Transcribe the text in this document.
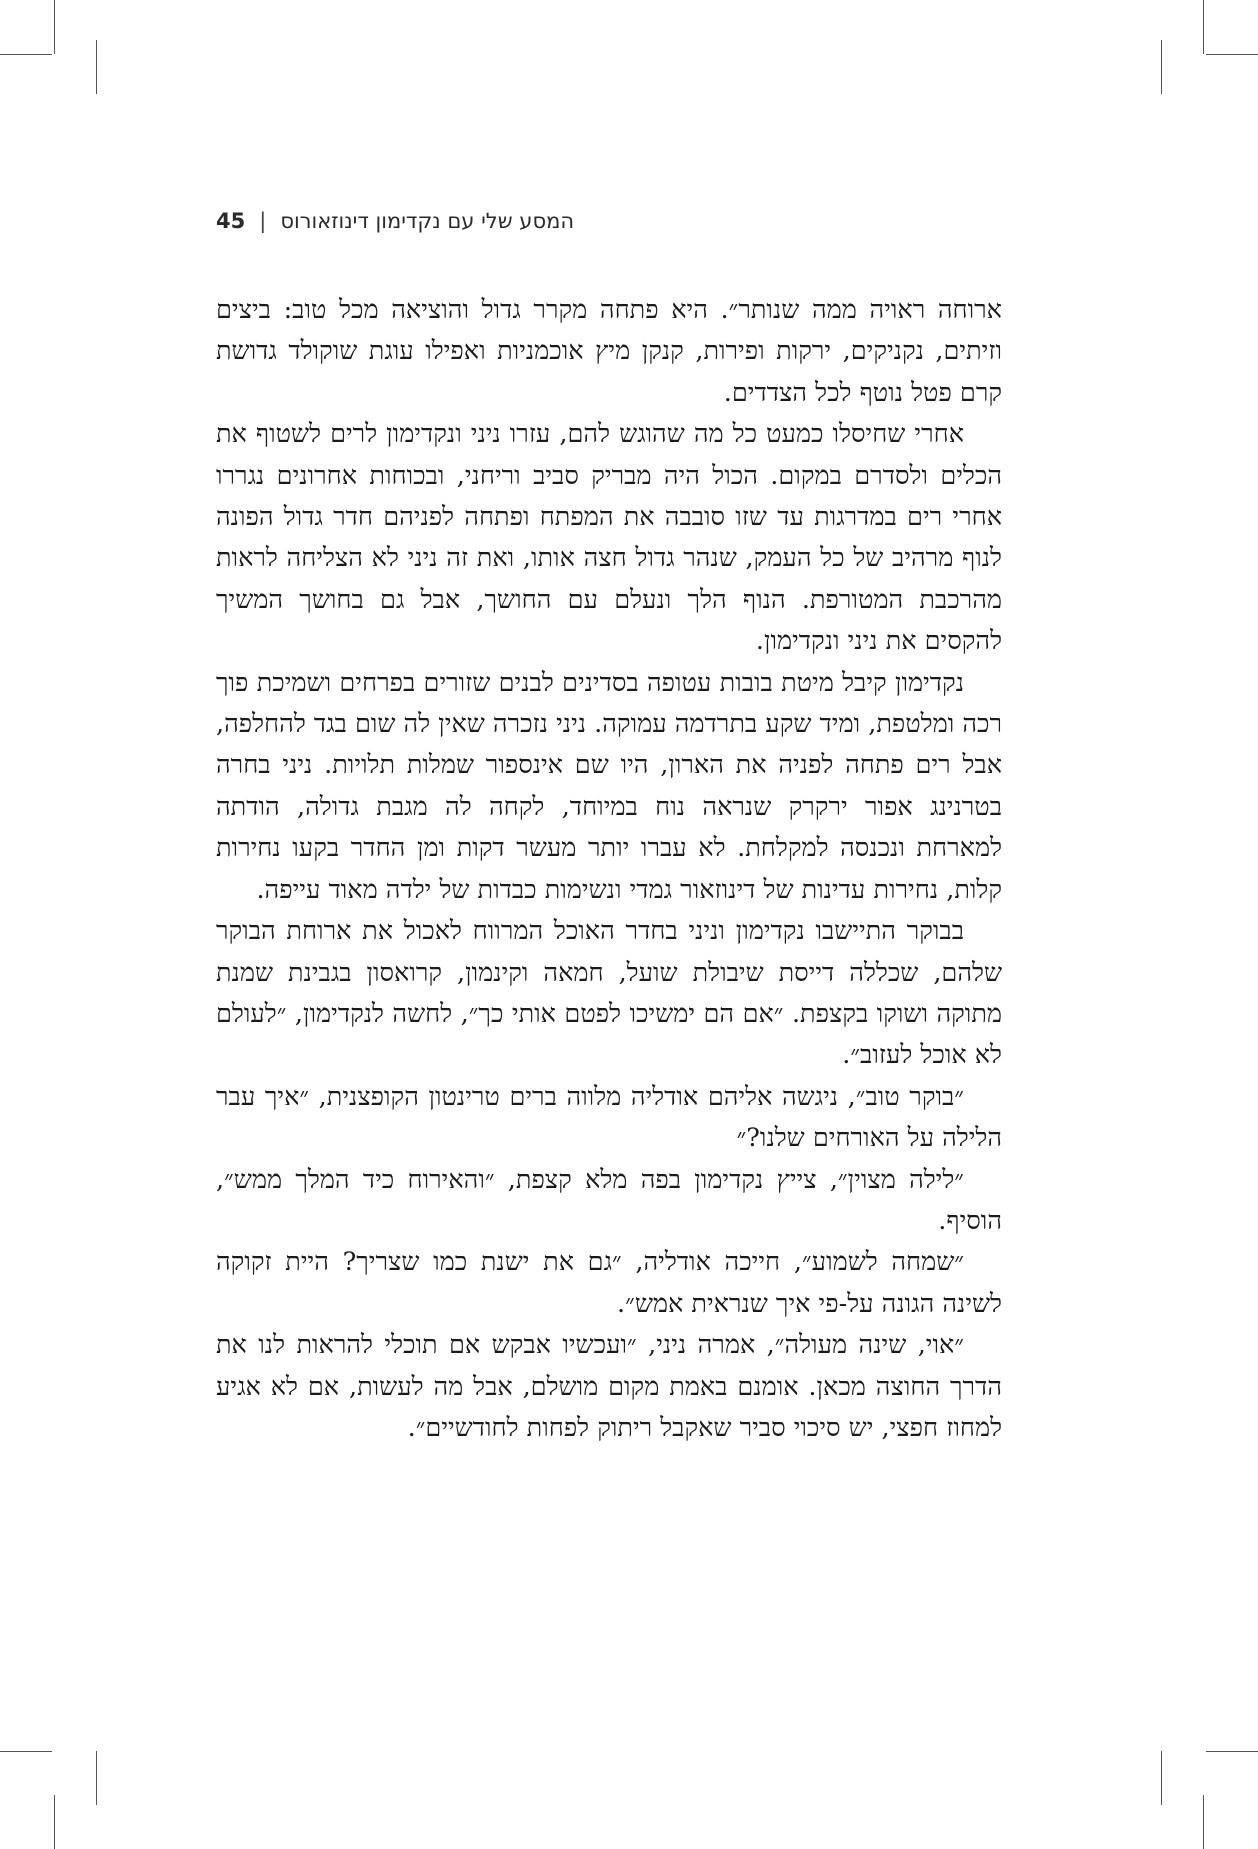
45 | המסע שלי עם נקדימון דינוזאורוס

ארוחה ראויה ממה שנותר״. היא פתחה מקרר גדול והוציאה מכל טוב: ביצים וזיתים, נקניקים, ירקות ופירות, קנקן מיץ אוכמניות ואפילו עוגת שוקולד גדושת קרם פטל נוטף לכל הצדדים.

אחרי שחיסלו כמעט כל מה שהוגש להם, עזרו ניני ונקדימון לרים לשטוף את הכלים ולסדרם במקום. הכול היה מבריק סביב וריחני, ובכוחות אחרונים נגררו אחרי רים במדרגות עד שזו סובבה את המפתח ופתחה לפניהם חדר גדול הפונה לנוף מרהיב של כל העמק, שנהר גדול חצה אותו, ואת זה ניני לא הצליחה לראות מהרכבת המטורפת. הנוף הלך ונעלם עם החושך, אבל גם בחושך המשיך להקסים את ניני ונקדימון.

נקדימון קיבל מיטת בובות עטופה בסדינים לבנים שזורים בפרחים ושמיכת פוך רכה ומלטפת, ומיד שקע בתרדמה עמוקה. ניני נזכרה שאין לה שום בגד להחלפה, אבל רים פתחה לפניה את הארון, היו שם אינספור שמלות תלויות. ניני בחרה בטרנינג אפור ירקרק שנראה נוח במיוחד, לקחה לה מגבת גדולה, הודתה למארחת ונכנסה למקלחת. לא עברו יותר מעשר דקות ומן החדר בקעו נחירות קלות, נחירות עדינות של דינוזאור גמדי ונשימות כבדות של ילדה מאוד עייפה.

בבוקר התיישבו נקדימון וניני בחדר האוכל המרווח לאכול את ארוחת הבוקר שלהם, שכללה דייסת שיבולת שועל, חמאה וקינמון, קרואסון בגבינת שמנת מתוקה ושוקו בקצפת. ״אם הם ימשיכו לפטם אותי כך״, לחשה לנקדימון, ״לעולם לא אוכל לעזוב״.

״בוקר טוב״, ניגשה אליהם אודליה מלווה ברים טרינטון הקופצנית, ״איך עבר הלילה על האורחים שלנו?״

״לילה מצוין״, צייץ נקדימון בפה מלא קצפת, ״והאירוח כיד המלך ממש״, הוסיף.

״שמחה לשמוע״, חייכה אודליה, ״גם את ישנת כמו שצריך? היית זקוקה לשינה הגונה על-פי איך שנראית אמש״.

״אוי, שינה מעולה״, אמרה ניני, ״ועכשיו אבקש אם תוכלי להראות לנו את הדרך החוצה מכאן. אומנם באמת מקום מושלם, אבל מה לעשות, אם לא אגיע למחוז חפצי, יש סיכוי סביר שאקבל ריתוק לפחות לחודשיים״.
